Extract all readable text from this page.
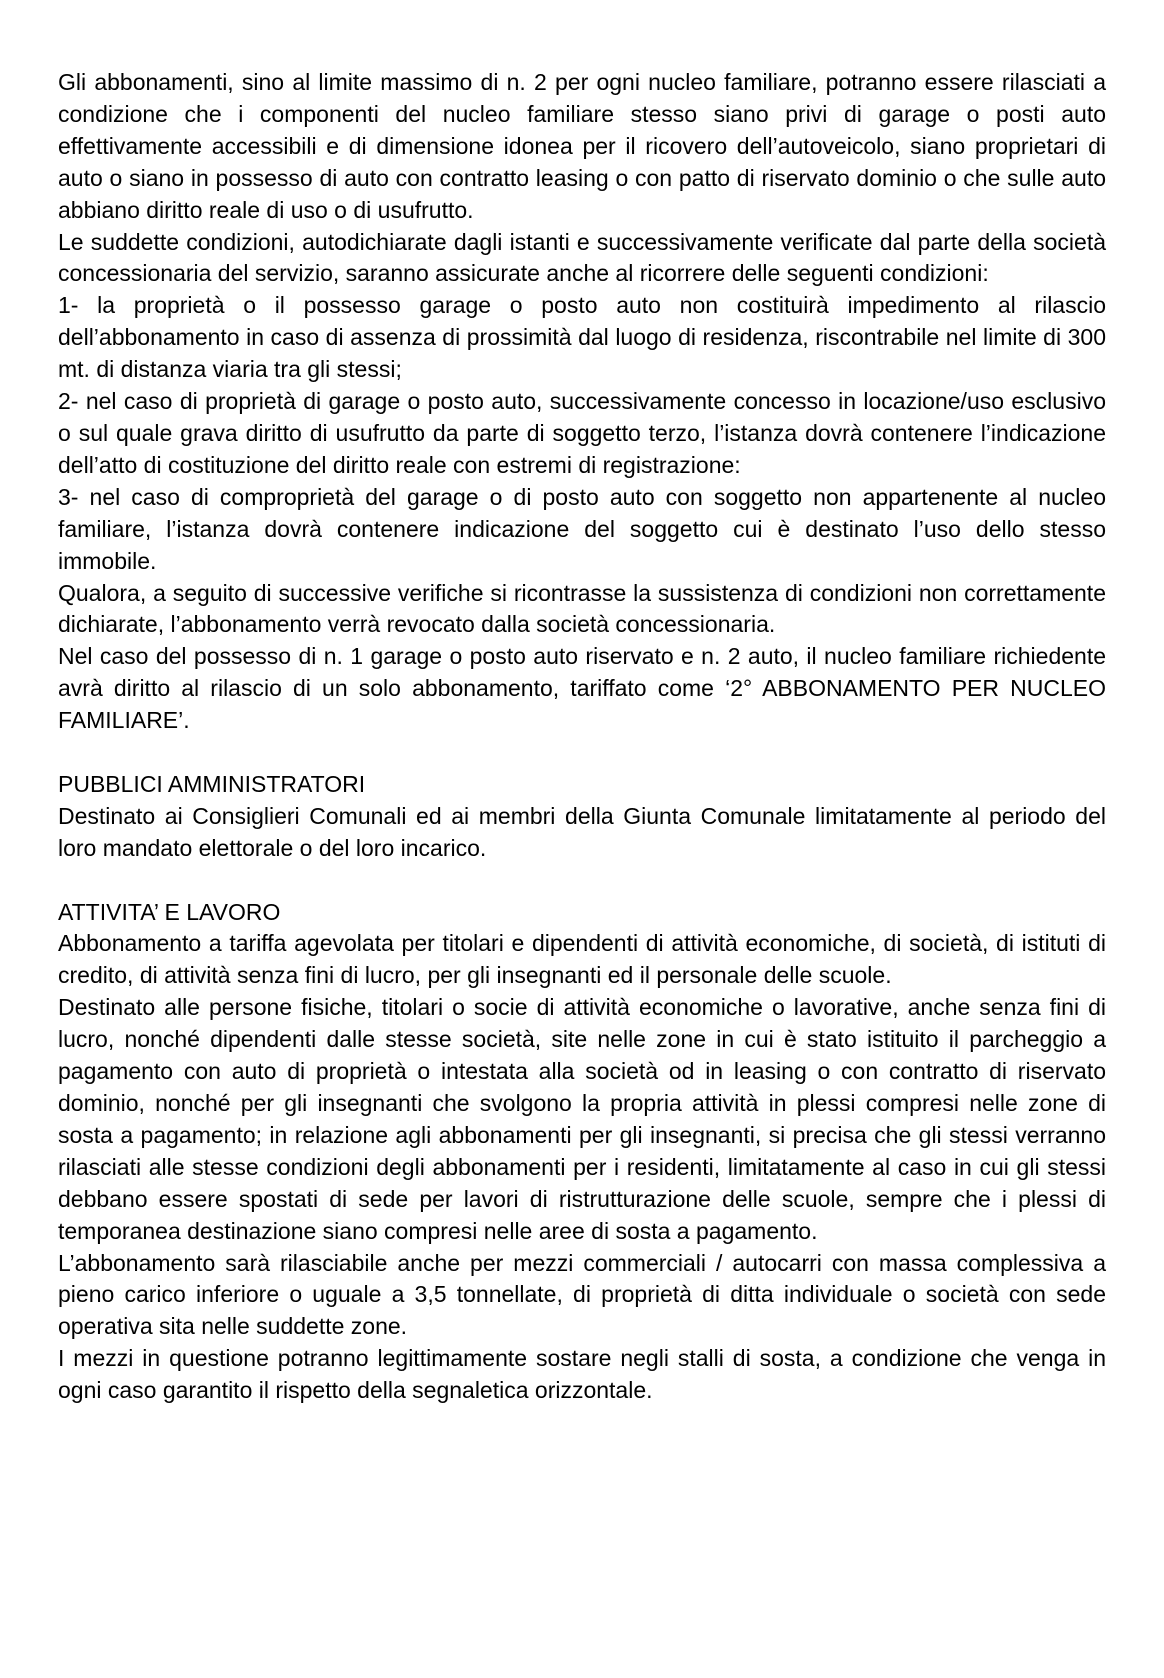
Gli abbonamenti, sino al limite massimo di n. 2 per ogni nucleo familiare, potranno essere rilasciati a condizione che i componenti del nucleo familiare stesso siano privi di garage o posti auto effettivamente accessibili e di dimensione idonea per il ricovero dell’autoveicolo, siano proprietari di auto o siano in possesso di auto con contratto leasing o con patto di riservato dominio o che sulle auto abbiano diritto reale di uso o di usufrutto.

Le suddette condizioni, autodichiarate dagli istanti e successivamente verificate dal parte della società concessionaria del servizio, saranno assicurate anche al ricorrere delle seguenti condizioni:

1- la proprietà o il possesso garage o posto auto non costituirà impedimento al rilascio dell’abbonamento in caso di assenza di prossimità dal luogo di residenza, riscontrabile nel limite di 300 mt. di distanza viaria tra gli stessi;

2- nel caso di proprietà di garage o posto auto, successivamente concesso in locazione/uso esclusivo o sul quale grava diritto di usufrutto da parte di soggetto terzo, l’istanza dovrà contenere l’indicazione dell’atto di costituzione del diritto reale con estremi di registrazione:

3- nel caso di comproprietà del garage o di posto auto con soggetto non appartenente al nucleo familiare, l’istanza dovrà contenere indicazione del soggetto cui è destinato l’uso dello stesso immobile.

Qualora, a seguito di successive verifiche si ricontrasse la sussistenza di condizioni non correttamente dichiarate, l’abbonamento verrà revocato dalla società concessionaria.

Nel caso del possesso di n. 1 garage o posto auto riservato e n. 2 auto, il nucleo familiare richiedente avrà diritto al rilascio di un solo abbonamento, tariffato come ‘2° ABBONAMENTO PER NUCLEO FAMILIARE’.

PUBBLICI AMMINISTRATORI

Destinato ai Consiglieri Comunali ed ai membri della Giunta Comunale limitatamente al periodo del loro mandato elettorale o del loro incarico.

ATTIVITA’ E LAVORO

Abbonamento a tariffa agevolata per titolari e dipendenti di attività economiche, di società, di istituti di credito, di attività senza fini di lucro, per gli insegnanti ed il personale delle scuole.

Destinato alle persone fisiche, titolari o socie di attività economiche o lavorative, anche senza fini di lucro, nonché dipendenti dalle stesse società, site nelle zone in cui è stato istituito il parcheggio a pagamento con auto di proprietà o intestata alla società od in leasing o con contratto di riservato dominio, nonché per gli insegnanti che svolgono la propria attività in plessi compresi nelle zone di sosta a pagamento; in relazione agli abbonamenti per gli insegnanti, si precisa che gli stessi verranno rilasciati alle stesse condizioni degli abbonamenti per i residenti, limitatamente al caso in cui gli stessi debbano essere spostati di sede per lavori di ristrutturazione delle scuole, sempre che i plessi di temporanea destinazione siano compresi nelle aree di sosta a pagamento.

L’abbonamento sarà rilasciabile anche per mezzi commerciali / autocarri con massa complessiva a pieno carico inferiore o uguale a 3,5 tonnellate, di proprietà di ditta individuale o società con sede operativa sita nelle suddette zone.

I mezzi in questione potranno legittimamente sostare negli stalli di sosta, a condizione che venga in ogni caso garantito il rispetto della segnaletica orizzontale.
